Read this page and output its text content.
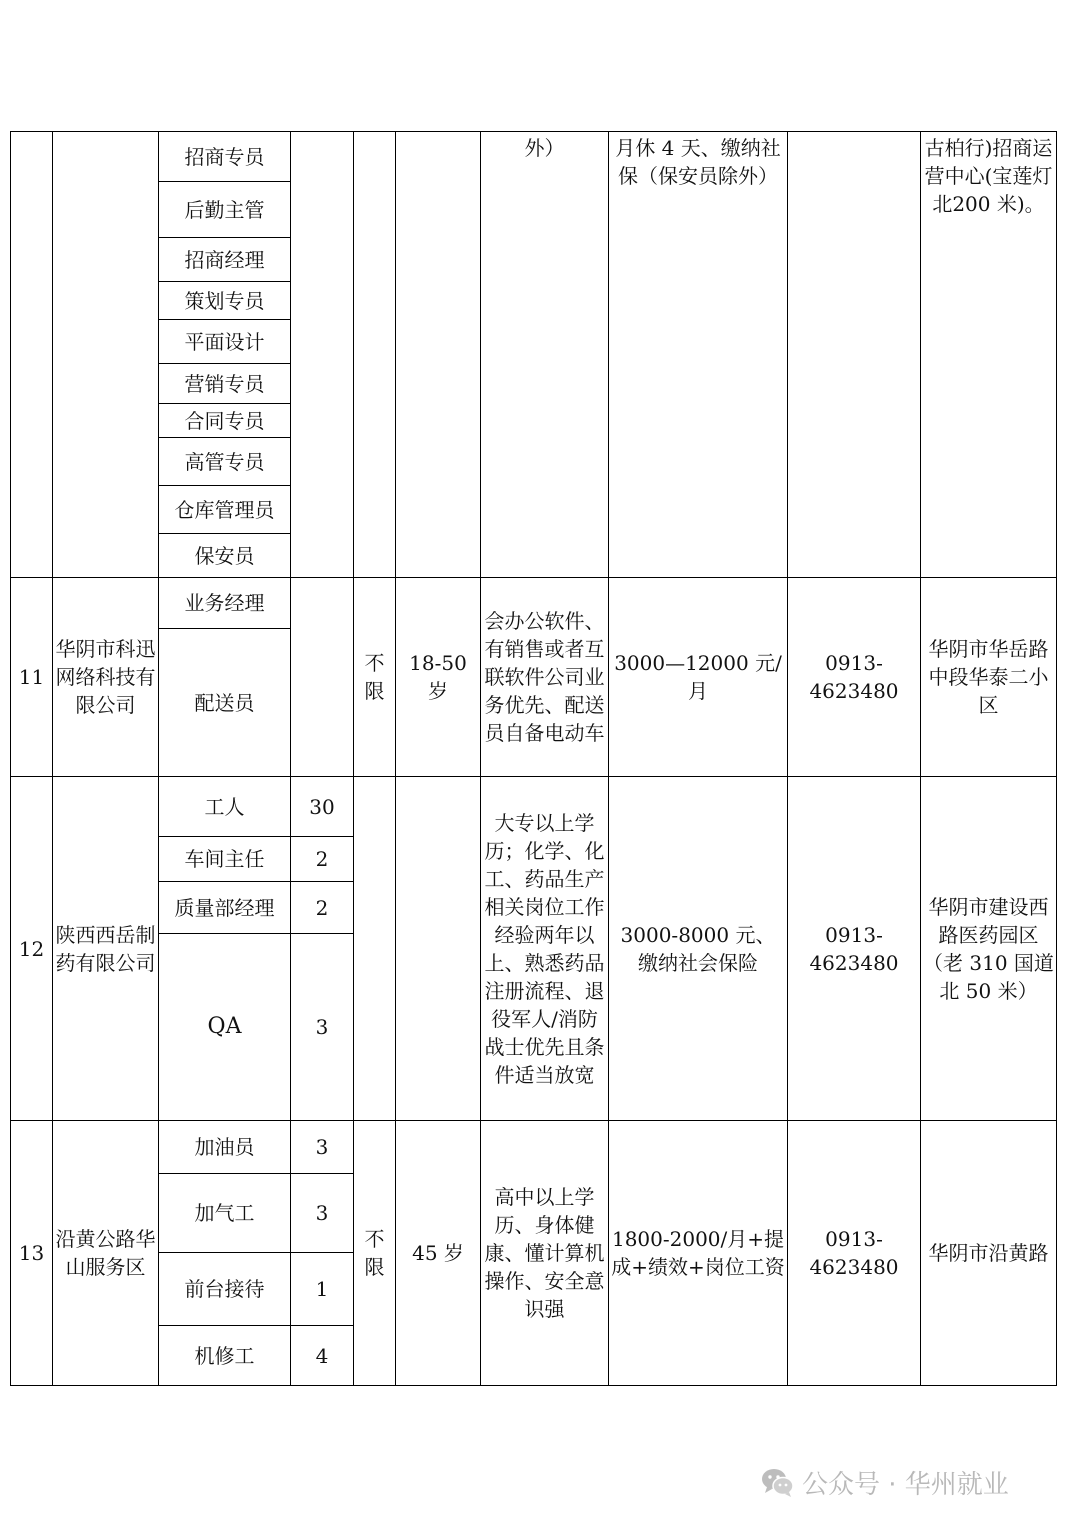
		招商专员				外）	月休 4 天、缴纳社保（保安员除外）		古柏行)招商运营中心(宝莲灯北200 米)。
		后勤主管							
		招商经理							
		策划专员							
		平面设计							
		营销专员							
		合同专员							
		高管专员							
		仓库管理员							
		保安员							
11	华阴市科迅网络科技有限公司	业务经理		不限	18-50 岁	会办公软件、有销售或者互联软件公司业务优先、配送员自备电动车	3000—12000 元/月	0913-4623480	华阴市华岳路中段华泰二小区
		配送员							
12	陕西西岳制药有限公司	工人	30			大专以上学历；化学、化工、药品生产相关岗位工作经验两年以上、熟悉药品注册流程、退役军人/消防战士优先且条件适当放宽	3000-8000 元、缴纳社会保险	0913-4623480	华阴市建设西路医药园区（老 310 国道北 50 米）
		车间主任	2						
		质量部经理	2						
		QA	3						
13	沿黄公路华山服务区	加油员	3	不限	45 岁	高中以上学历、身体健康、懂计算机操作、安全意识强	1800-2000/月+提成+绩效+岗位工资	0913-4623480	华阴市沿黄路
		加气工	3						
		前台接待	1						
		机修工	4						
公众号 · 华州就业
